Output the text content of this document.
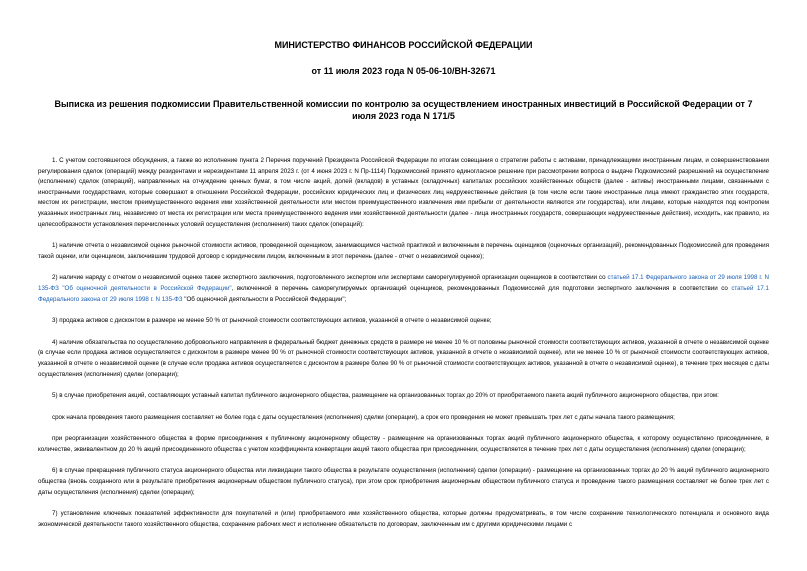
МИНИСТЕРСТВО ФИНАНСОВ РОССИЙСКОЙ ФЕДЕРАЦИИ
от 11 июля 2023 года N 05-06-10/ВН-32671
Выписка из решения подкомиссии Правительственной комиссии по контролю за осуществлением иностранных инвестиций в Российской Федерации от 7 июля 2023 года N 171/5

1. С учетом состоявшегося обсуждения, а также во исполнение пункта 2 Перечня поручений Президента Российской Федерации по итогам совещания о стратегии работы с активами, принадлежащими иностранным лицам, и совершенствовании регулирования сделок (операций) между резидентами и нерезидентами 11 апреля 2023 г. (от 4 июня 2023 г. N Пр-1114) Подкомиссией принято единогласное решение при рассмотрении вопроса о выдаче Подкомиссией разрешений на осуществление (исполнение) сделок (операций), направленных на отчуждение ценных бумаг, в том числе акций, долей (вкладов) в уставных (складочных) капиталах российских хозяйственных обществ (далее - активы) иностранными лицами, связанными с иностранными государствами, которые совершают в отношении Российской Федерации, российских юридических лиц и физических лиц недружественные действия (в том числе если такие иностранные лица имеют гражданство этих государств, местом их регистрации, местом преимущественного ведения ими хозяйственной деятельности или местом преимущественного извлечения ими прибыли от деятельности являются эти государства), или лицами, которые находятся под контролем указанных иностранных лиц, независимо от места их регистрации или места преимущественного ведения ими хозяйственной деятельности (далее - лица иностранных государств, совершающих недружественные действия), исходить, как правило, из целесообразности установления перечисленных условий осуществления (исполнения) таких сделок (операций):

1) наличие отчета о независимой оценке рыночной стоимости активов, проведенной оценщиком, занимающимся частной практикой и включенным в перечень оценщиков (оценочных организаций), рекомендованных Подкомиссией для проведения такой оценки, или оценщиком, заключившим трудовой договор с юридическим лицом, включенным в этот перечень (далее - отчет о независимой оценке);

2) наличие наряду с отчетом о независимой оценке также экспертного заключения, подготовленного экспертом или экспертами саморегулируемой организации оценщиков в соответствии со статьей 17.1 Федерального закона от 29 июля 1998 г. N 135-ФЗ "Об оценочной деятельности в Российской Федерации", включенной в перечень саморегулируемых организаций оценщиков, рекомендованных Подкомиссией для подготовки экспертного заключения в соответствии со статьей 17.1 Федерального закона от 29 июля 1998 г. N 135-ФЗ "Об оценочной деятельности в Российской Федерации";

3) продажа активов с дисконтом в размере не менее 50 % от рыночной стоимости соответствующих активов, указанной в отчете о независимой оценке;

4) наличие обязательства по осуществлению добровольного направления в федеральный бюджет денежных средств в размере не менее 10 % от половины рыночной стоимости соответствующих активов, указанной в отчете о независимой оценке (в случае если продажа активов осуществляется с дисконтом в размере менее 90 % от рыночной стоимости соответствующих активов, указанной в отчете о независимой оценке), или не менее 10 % от рыночной стоимости соответствующих активов, указанной в отчете о независимой оценке (в случае если продажа активов осуществляется с дисконтом в размере более 90 % от рыночной стоимости соответствующих активов, указанной в отчете о независимой оценке), в течение трех месяцев с даты осуществления (исполнения) сделки (операции);

5) в случае приобретения акций, составляющих уставный капитал публичного акционерного общества, размещение на организованных торгах до 20% от приобретаемого пакета акций публичного акционерного общества, при этом:

срок начала проведения такого размещения составляет не более года с даты осуществления (исполнения) сделки (операции), а срок его проведения не может превышать трех лет с даты начала такого размещения;

при реорганизации хозяйственного общества в форме присоединения к публичному акционерному обществу - размещение на организованных торгах акций публичного акционерного общества, к которому осуществлено присоединение, в количестве, эквивалентном до 20 % акций присоединенного общества с учетом коэффициента конвертации акций такого общества при присоединении, осуществляется в течение трех лет с даты осуществления (исполнения) сделки (операции);

6) в случае прекращения публичного статуса акционерного общества или ликвидации такого общества в результате осуществления (исполнения) сделки (операции) - размещение на организованных торгах до 20 % акций публичного акционерного общества (вновь созданного или в результате приобретения акционерным обществом публичного статуса), при этом срок приобретения акционерным обществом публичного статуса и проведение такого размещения составляет не более трех лет с даты осуществления (исполнения) сделки (операции);

7) установление ключевых показателей эффективности для покупателей и (или) приобретаемого ими хозяйственного общества, которые должны предусматривать, в том числе сохранение технологического потенциала и основного вида экономической деятельности такого хозяйственного общества, сохранение рабочих мест и исполнение обязательств по договорам, заключенным им с другими юридическими лицами с
